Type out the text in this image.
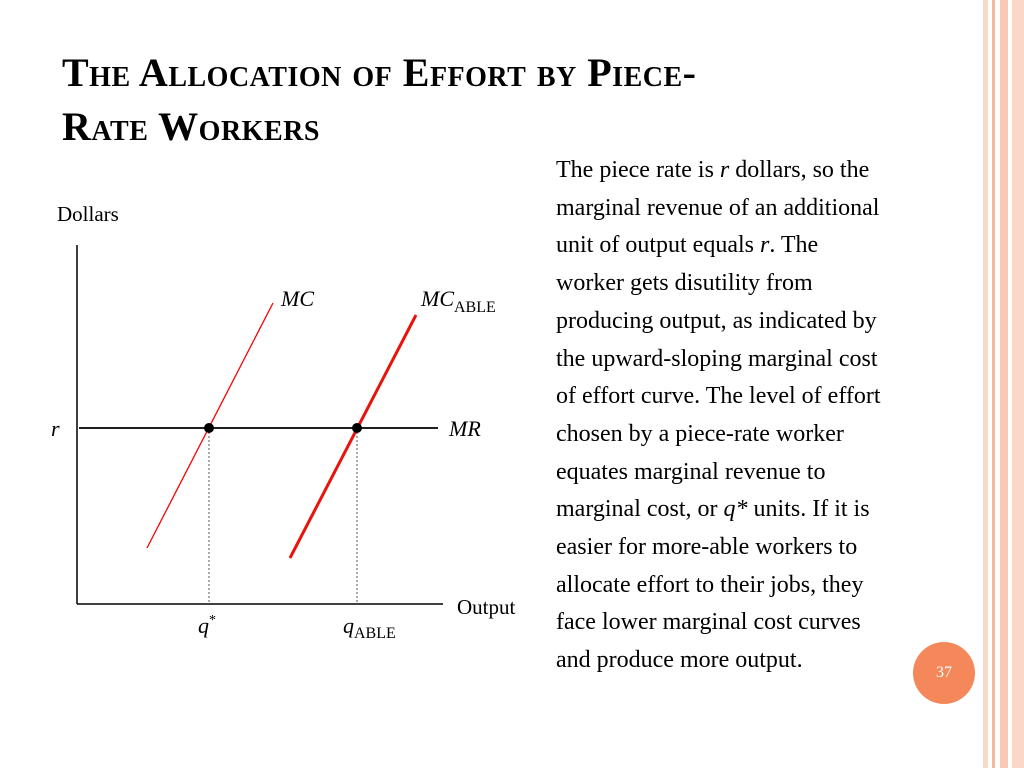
The Allocation of Effort by Piece-
Rate Workers
The piece rate is r dollars, so the
marginal revenue of an additional
unit of output equals r. The
worker gets disutility from
producing output, as indicated by
the upward-sloping marginal cost
of effort curve. The level of effort
chosen by a piece-rate worker
equates marginal revenue to
marginal cost, or q* units. If it is
easier for more-able workers to
allocate effort to their jobs, they
face lower marginal cost curves
and produce more output.
Dollars
Output
r	MR
MC	$MC_{ABLE}$
q*	$q_{ABLE}$
37
